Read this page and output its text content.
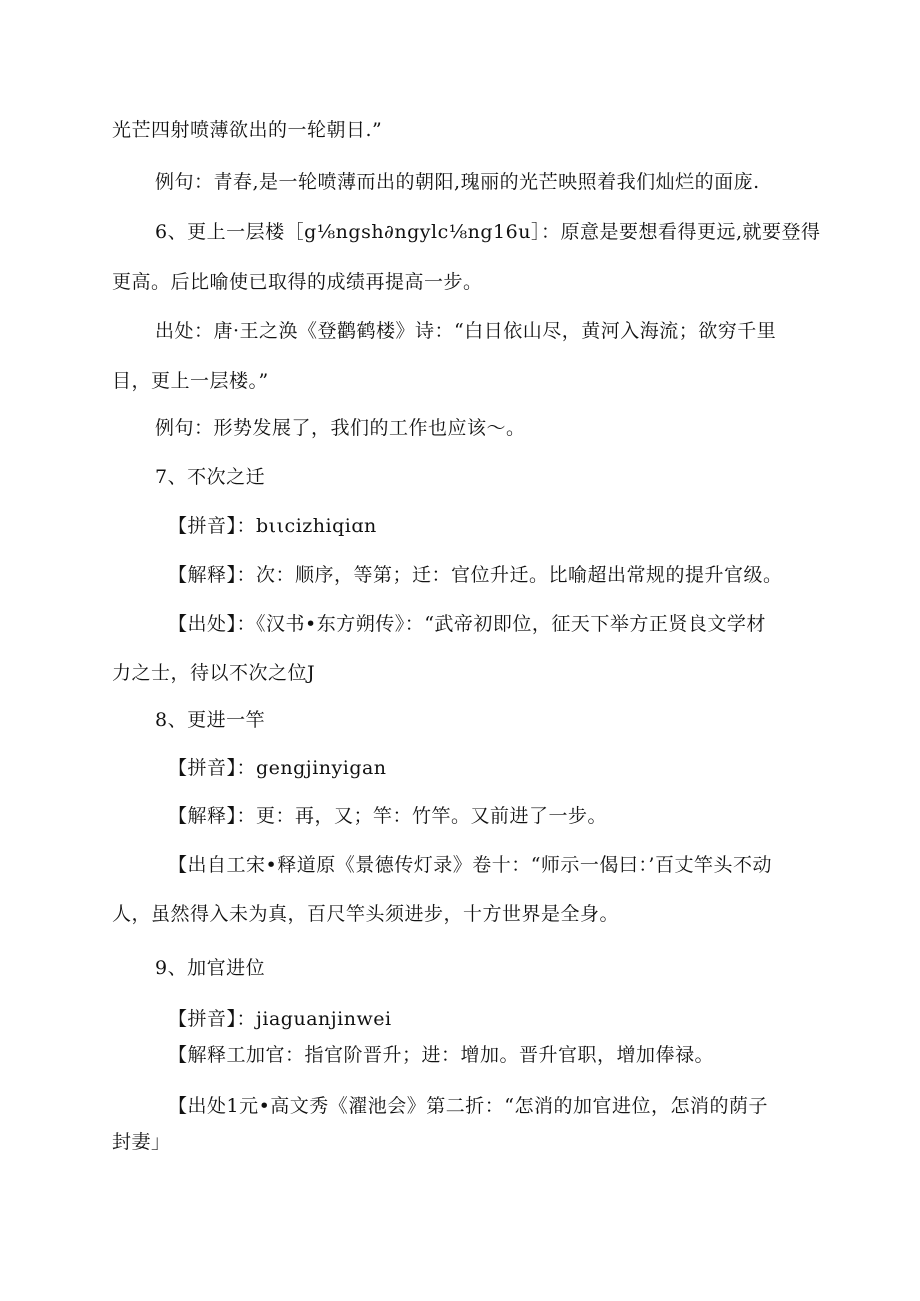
光芒四射喷薄欲出的一轮朝日.”
例句：青春,是一轮喷薄而出的朝阳,瑰丽的光芒映照着我们灿烂的面庞.
6、更上一层楼［g⅛ngsh∂ngylc⅛ng16u］：原意是要想看得更远,就要登得
更高。后比喻使已取得的成绩再提高一步。
出处：唐·王之涣《登鹳鹤楼》诗：“白日依山尽，黄河入海流；欲穷千里
目，更上一层楼。”
例句：形势发展了，我们的工作也应该～。
7、不次之迁
【拼音】：bιιcizhiqiɑn
【解释】：次：顺序，等第；迁：官位升迁。比喻超出常规的提升官级。
【出处】：《汉书•东方朔传》：“武帝初即位，征天下举方正贤良文学材
力之士，待以不次之位J
8、更进一竿
【拼音】：gengjinyigan
【解释】：更：再，又；竿：竹竿。又前进了一步。
【出自工宋•释道原《景德传灯录》卷十：“师示一偈曰：’百丈竿头不动
人，虽然得入未为真，百尺竿头须进步，十方世界是全身。
9、加官进位
【拼音】：jiaguanjinwei
【解释工加官：指官阶晋升；进：增加。晋升官职，增加俸禄。
【出处1元•高文秀《濯池会》第二折：“怎消的加官进位，怎消的荫子
封妻」
